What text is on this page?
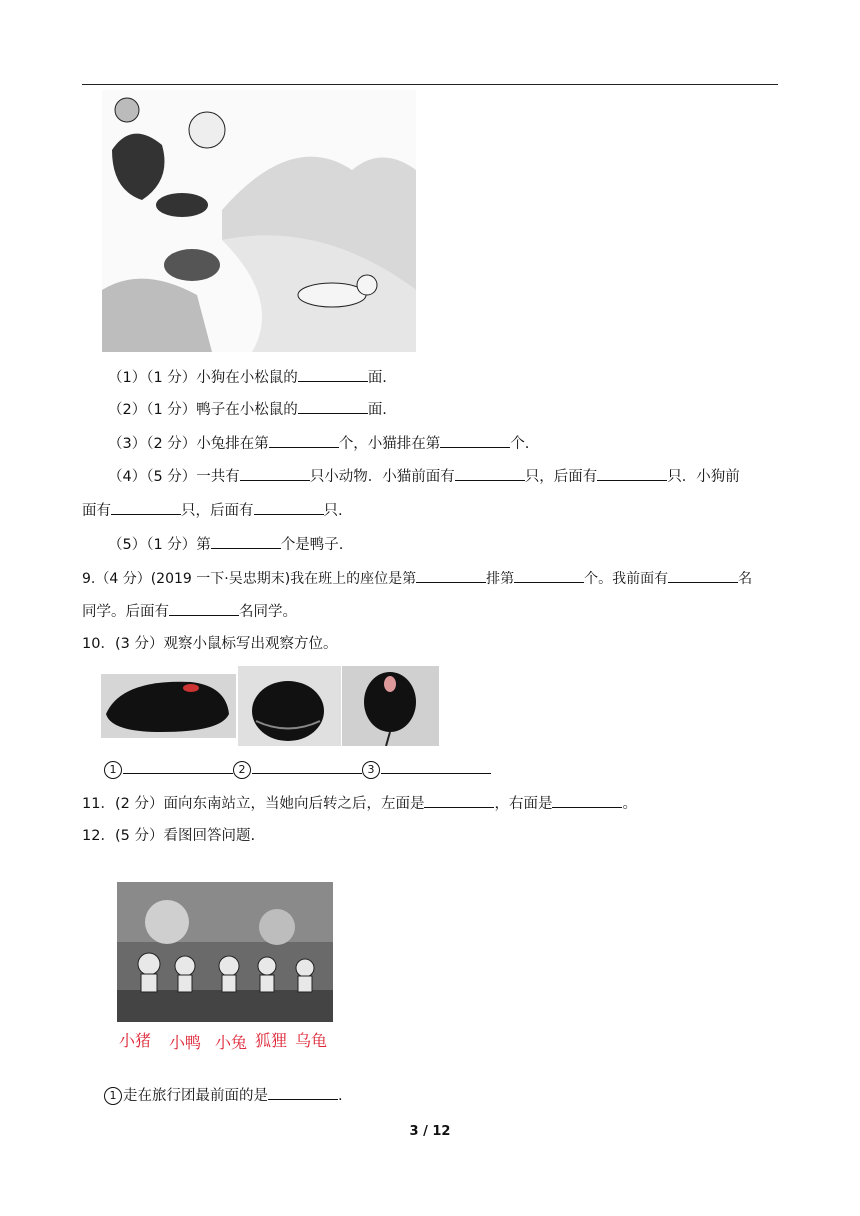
（1）（1 分）小狗在小松鼠的	面.
（2）（1 分）鸭子在小松鼠的	面.
（3）（2 分）小兔排在第	个，小猫排在第	个.
（4）（5 分）一共有	只小动物．小猫前面有	只，后面有	只．小狗前
面有	只，后面有	只.
（5）（1 分）第	个是鸭子.
9.（4 分）(2019 一下·吴忠期末)我在班上的座位是第	排第	个。我前面有	名
同学。后面有	名同学。
10．(3 分）观察小鼠标写出观察方位。
1	2	3
11．(2 分）面向东南站立，当她向后转之后，左面是	，右面是	。
12．(5 分）看图回答问题.
小猪 小鸭 小兔 狐狸 乌龟
1 走在旅行团最前面的是	.
3 / 12
